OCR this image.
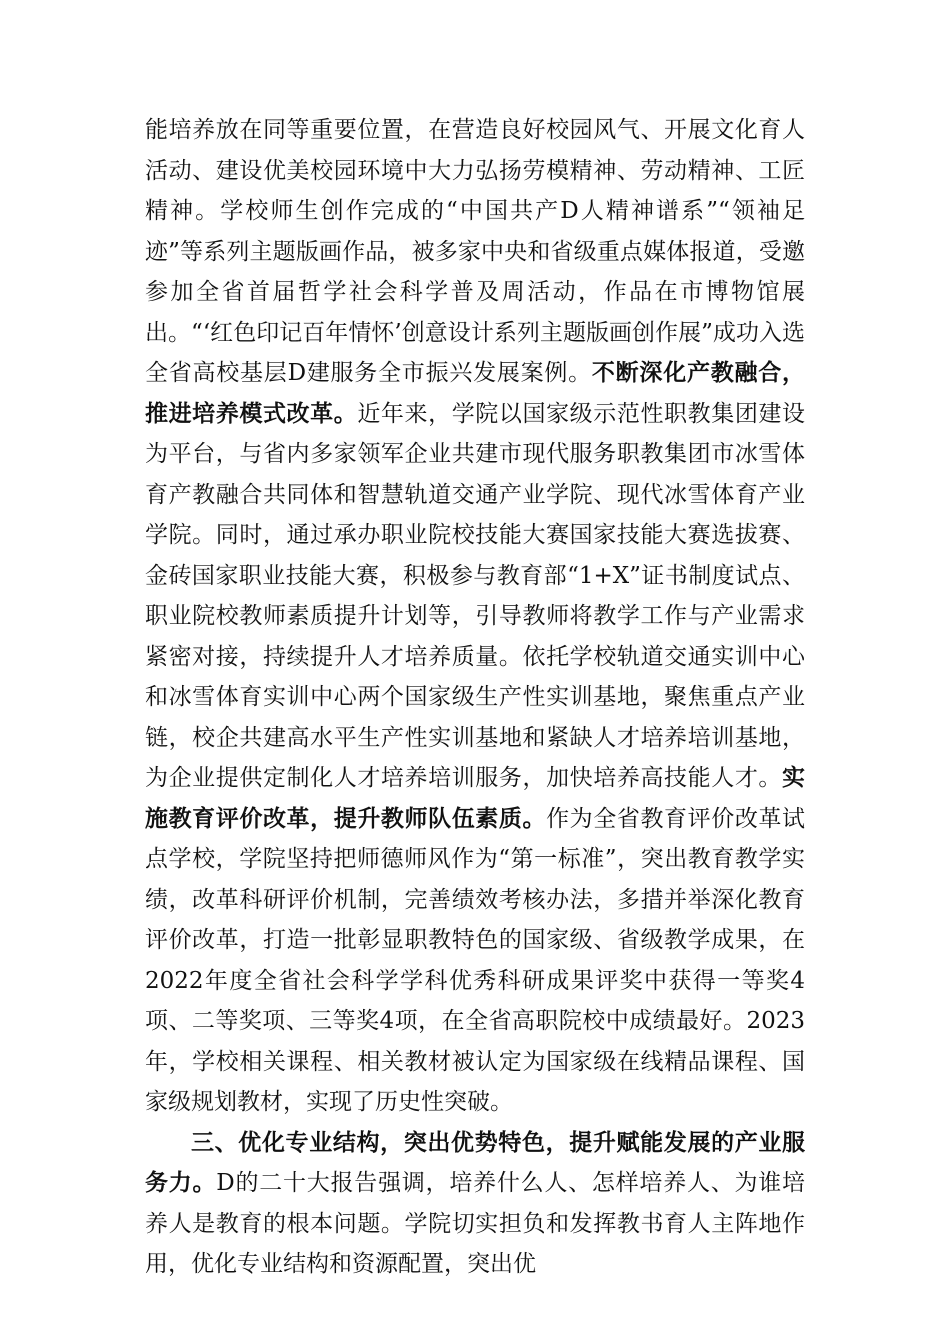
能培养放在同等重要位置，在营造良好校园风气、开展文化育人活动、建设优美校园环境中大力弘扬劳模精神、劳动精神、工匠精神。学校师生创作完成的“中国共产D人精神谱系”“领袖足迹”等系列主题版画作品，被多家中央和省级重点媒体报道，受邀参加全省首届哲学社会科学普及周活动，作品在市博物馆展出。“‘红色印记百年情怀’创意设计系列主题版画创作展”成功入选全省高校基层D建服务全市振兴发展案例。不断深化产教融合，推进培养模式改革。近年来，学院以国家级示范性职教集团建设为平台，与省内多家领军企业共建市现代服务职教集团市冰雪体育产教融合共同体和智慧轨道交通产业学院、现代冰雪体育产业学院。同时，通过承办职业院校技能大赛国家技能大赛选拔赛、金砖国家职业技能大赛，积极参与教育部“1+X”证书制度试点、职业院校教师素质提升计划等，引导教师将教学工作与产业需求紧密对接，持续提升人才培养质量。依托学校轨道交通实训中心和冰雪体育实训中心两个国家级生产性实训基地，聚焦重点产业链，校企共建高水平生产性实训基地和紧缺人才培养培训基地，为企业提供定制化人才培养培训服务，加快培养高技能人才。实施教育评价改革，提升教师队伍素质。作为全省教育评价改革试点学校，学院坚持把师德师风作为“第一标准”，突出教育教学实绩，改革科研评价机制，完善绩效考核办法，多措并举深化教育评价改革，打造一批彰显职教特色的国家级、省级教学成果，在2022年度全省社会科学学科优秀科研成果评奖中获得一等奖4项、二等奖项、三等奖4项，在全省高职院校中成绩最好。2023年，学校相关课程、相关教材被认定为国家级在线精品课程、国家级规划教材，实现了历史性突破。

三、优化专业结构，突出优势特色，提升赋能发展的产业服务力。D的二十大报告强调，培养什么人、怎样培养人、为谁培养人是教育的根本问题。学院切实担负和发挥教书育人主阵地作用，优化专业结构和资源配置，突出优
